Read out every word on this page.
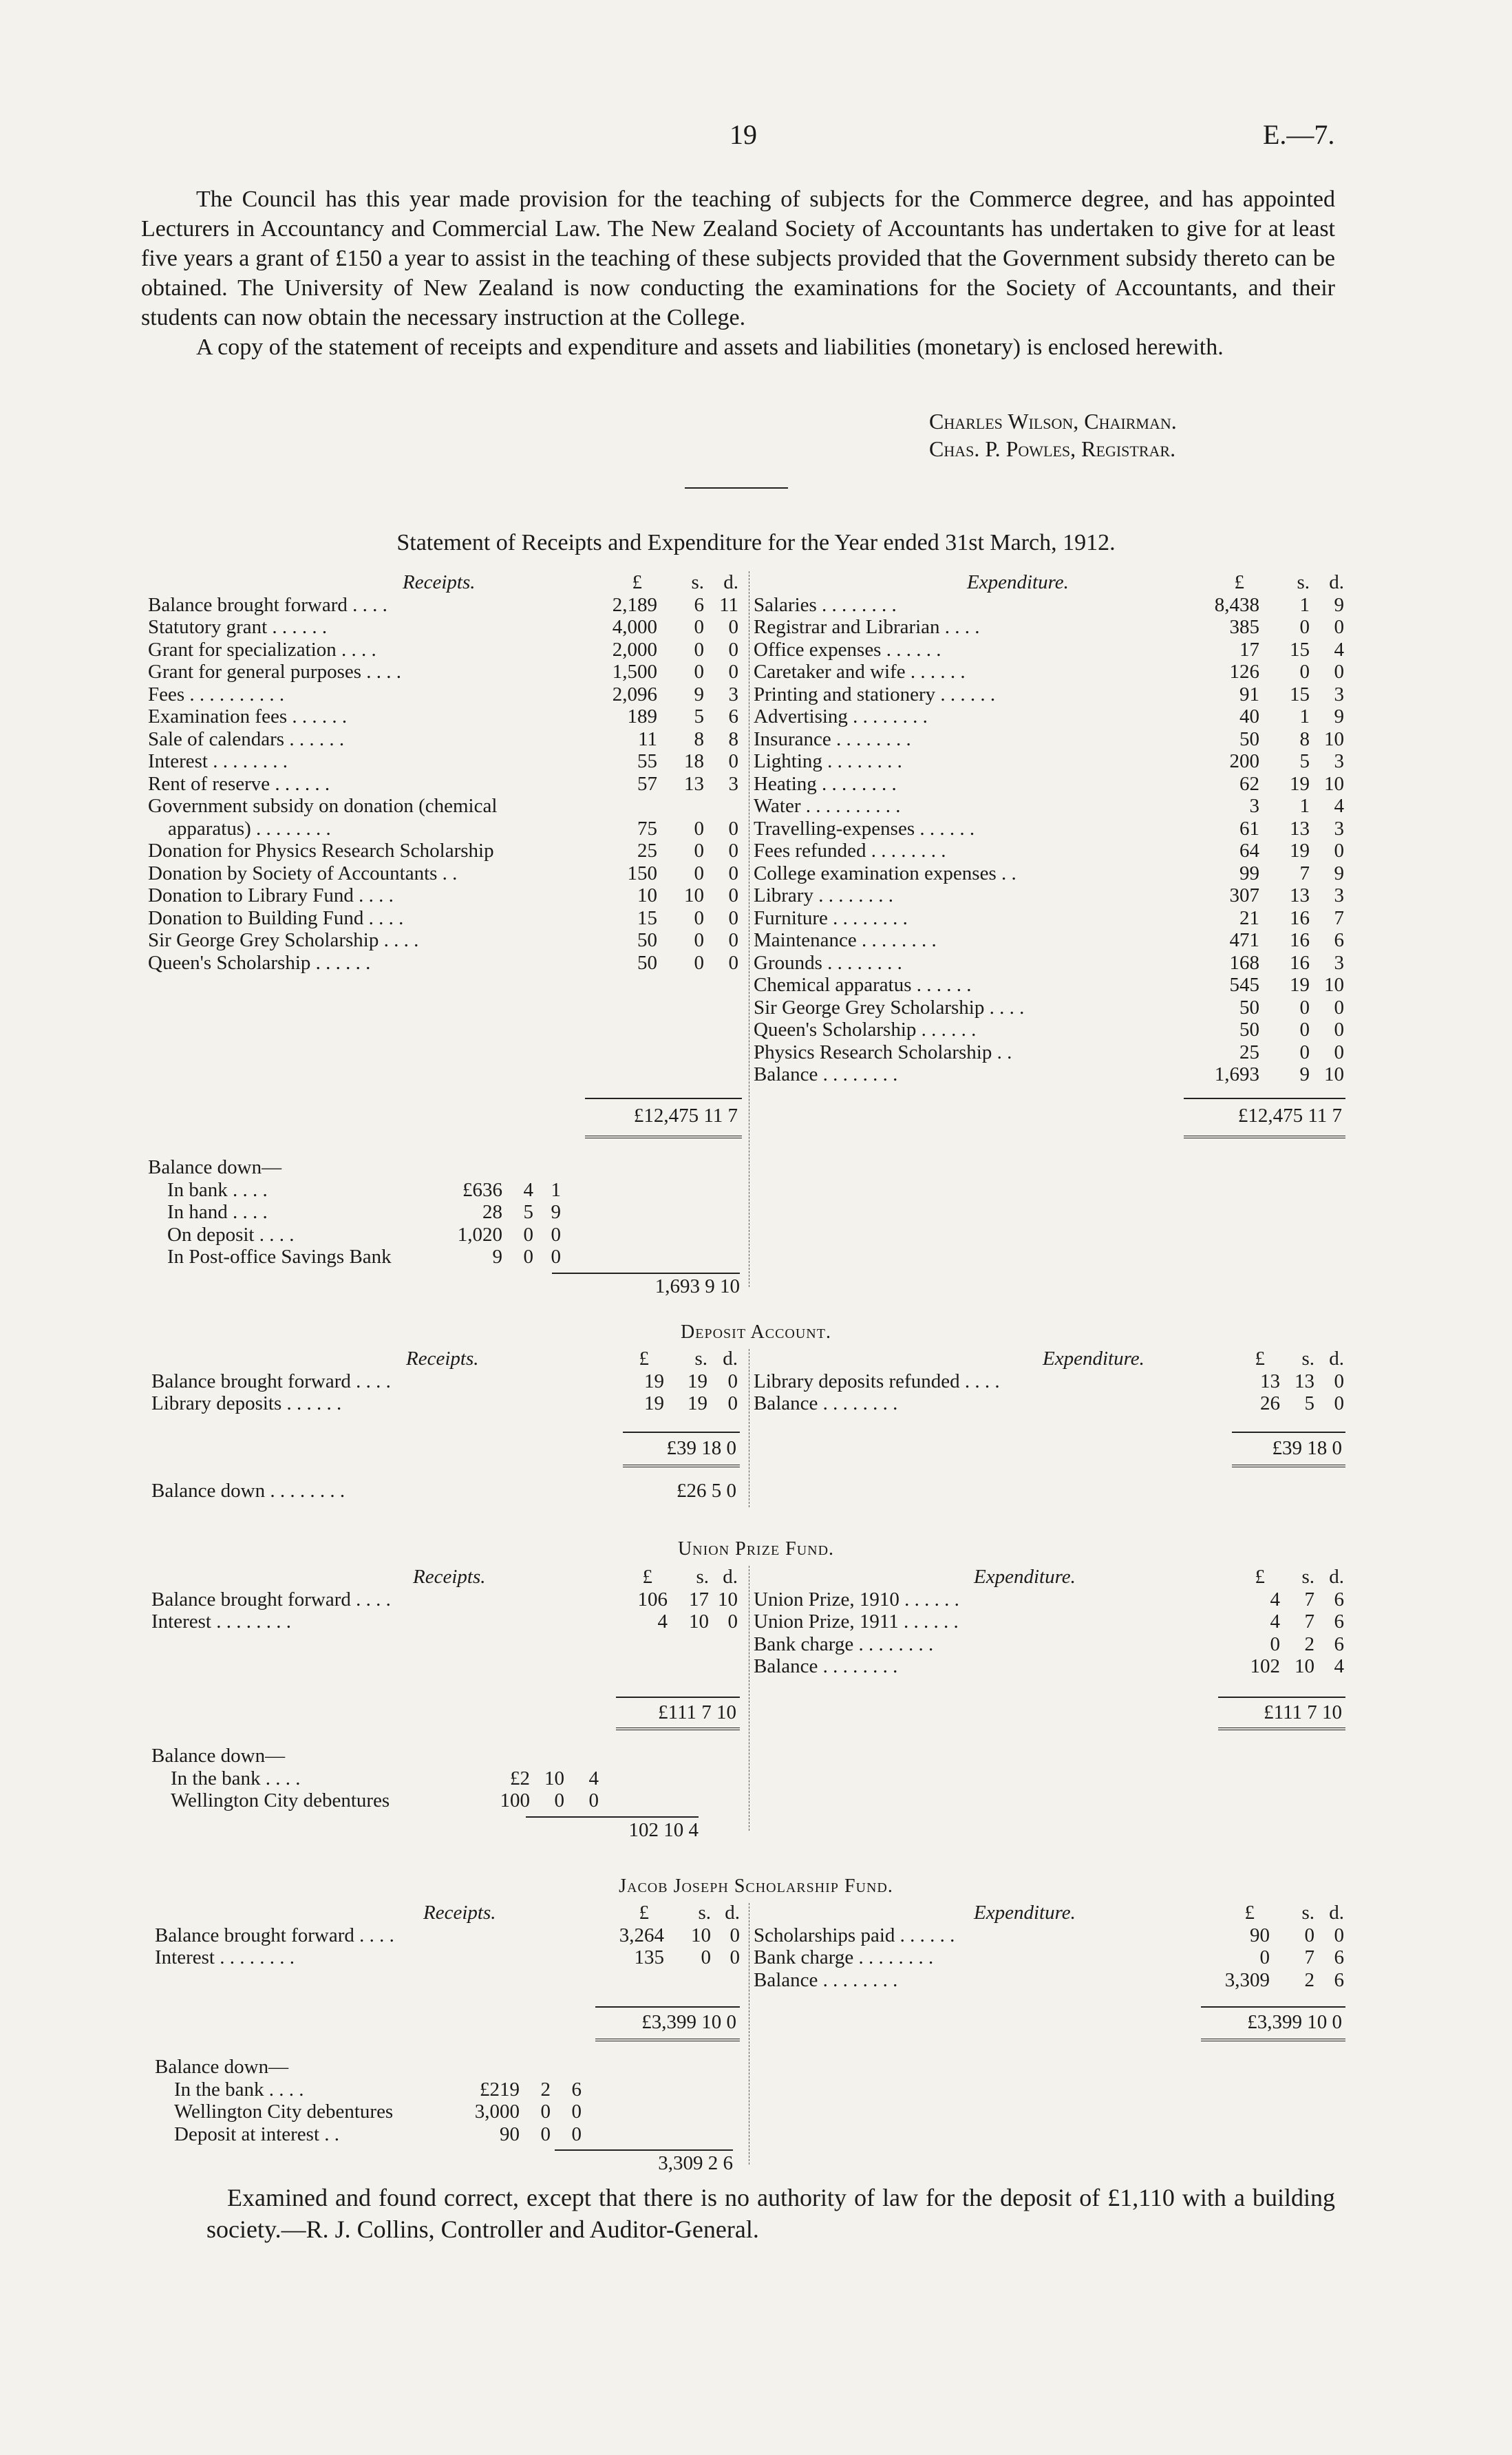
19	E.—7.

The Council has this year made provision for the teaching of subjects for the Commerce degree, and has appointed Lecturers in Accountancy and Commercial Law. The New Zealand Society of Accountants has undertaken to give for at least five years a grant of £150 a year to assist in the teaching of these subjects provided that the Government subsidy thereto can be obtained. The University of New Zealand is now conducting the examinations for the Society of Accountants, and their students can now obtain the necessary instruction at the College.

A copy of the statement of receipts and expenditure and assets and liabilities (monetary) is enclosed herewith.

Charles Wilson, Chairman.
Chas. P. Powles, Registrar.
Statement of Receipts and Expenditure for the Year ended 31st March, 1912.
Receipts.	£ s. d.
Balance brought forward . . . .	2,189 6 11
Statutory grant . . . . . .	4,000 0 0
Grant for specialization . . . .	2,000 0 0
Grant for general purposes . . . .	1,500 0 0
Fees . . . . . . . . . .	2,096 9 3
Examination fees . . . . . .	189 5 6
Sale of calendars . . . . . .	11 8 8
Interest . . . . . . . .	55 18 0
Rent of reserve . . . . . .	57 13 3
Government subsidy on donation (chemical
apparatus) . . . . . . . .	75 0 0
Donation for Physics Research Scholarship	25 0 0
Donation by Society of Accountants . .	150 0 0
Donation to Library Fund . . . .	10 10 0
Donation to Building Fund . . . .	15 0 0
Sir George Grey Scholarship . . . .	50 0 0
Queen's Scholarship . . . . . .	50 0 0
Expenditure.	£	s. d.
Salaries . . . . . . . .	8,438 1 9
Registrar and Librarian . . . .	385 0 0
Office expenses . . . . . .	17 15 4
Caretaker and wife . . . . . .	126 0 0
Printing and stationery . . . . . .	91 15 3
Advertising . . . . . . . .	40 1 9
Insurance . . . . . . . .	50 8 10
Lighting . . . . . . . .	200 5 3
Heating . . . . . . . .	62 19 10
Water . . . . . . . . . .	3 1 4
Travelling-expenses . . . . . .	61 13 3
Fees refunded . . . . . . . .	64 19 0
College examination expenses . .	99 7 9
Library . . . . . . . .	307 13 3
Furniture . . . . . . . .	21 16 7
Maintenance . . . . . . . .	471 16 6
Grounds . . . . . . . .	168 16 3
Chemical apparatus . . . . . .	545 19 10
Sir George Grey Scholarship . . . .	50 0 0
Queen's Scholarship . . . . . .	50 0 0
Physics Research Scholarship . .	25 0 0
Balance . . . . . . . .	1,693 9 10
£12,475 11 7	£12,475 11 7
Balance down—
In bank . . . .	£636 4 1
In hand . . . .	28 5 9
On deposit . . . .	1,020 0 0
In Post-office Savings Bank	9 0 0
1,693 9 10
Deposit Account.
Receipts.	£ s. d.
Balance brought forward . . . .	19 19 0
Library deposits . . . . . .	19 19 0
Expenditure.	£ s. d.
Library deposits refunded . . . .	13 13 0
Balance . . . . . . . .	26 5 0
£39 18 0	£39 18 0
Balance down . . . . . . . .	£26 5 0
Union Prize Fund.
Receipts.	£ s. d.
Balance brought forward . . . .	106 17 10
Interest . . . . . . . .	4 10 0
Expenditure.	£ s. d.
Union Prize, 1910 . . . . . .	4 7 6
Union Prize, 1911 . . . . . .	4 7 6
Bank charge . . . . . . . .	0 2 6
Balance . . . . . . . .	102 10 4
£111 7 10	£111 7 10
Balance down—
In the bank . . . .	£2 10 4
Wellington City debentures	100 0 0
102 10 4
Jacob Joseph Scholarship Fund.
Receipts.	£ s. d.
Balance brought forward . . . .	3,264 10 0
Interest . . . . . . . .	135 0 0
Expenditure.	£ s. d.
Scholarships paid . . . . . .	90 0 0
Bank charge . . . . . . . .	0 7 6
Balance . . . . . . . .	3,309 2 6
£3,399 10 0	£3,399 10 0
Balance down—
In the bank . . . .	£219 2 6
Wellington City debentures	3,000 0 0
Deposit at interest . .	90 0 0
3,309 2 6
Examined and found correct, except that there is no authority of law for the deposit of £1,110 with a building society.—R. J. Collins, Controller and Auditor-General.
